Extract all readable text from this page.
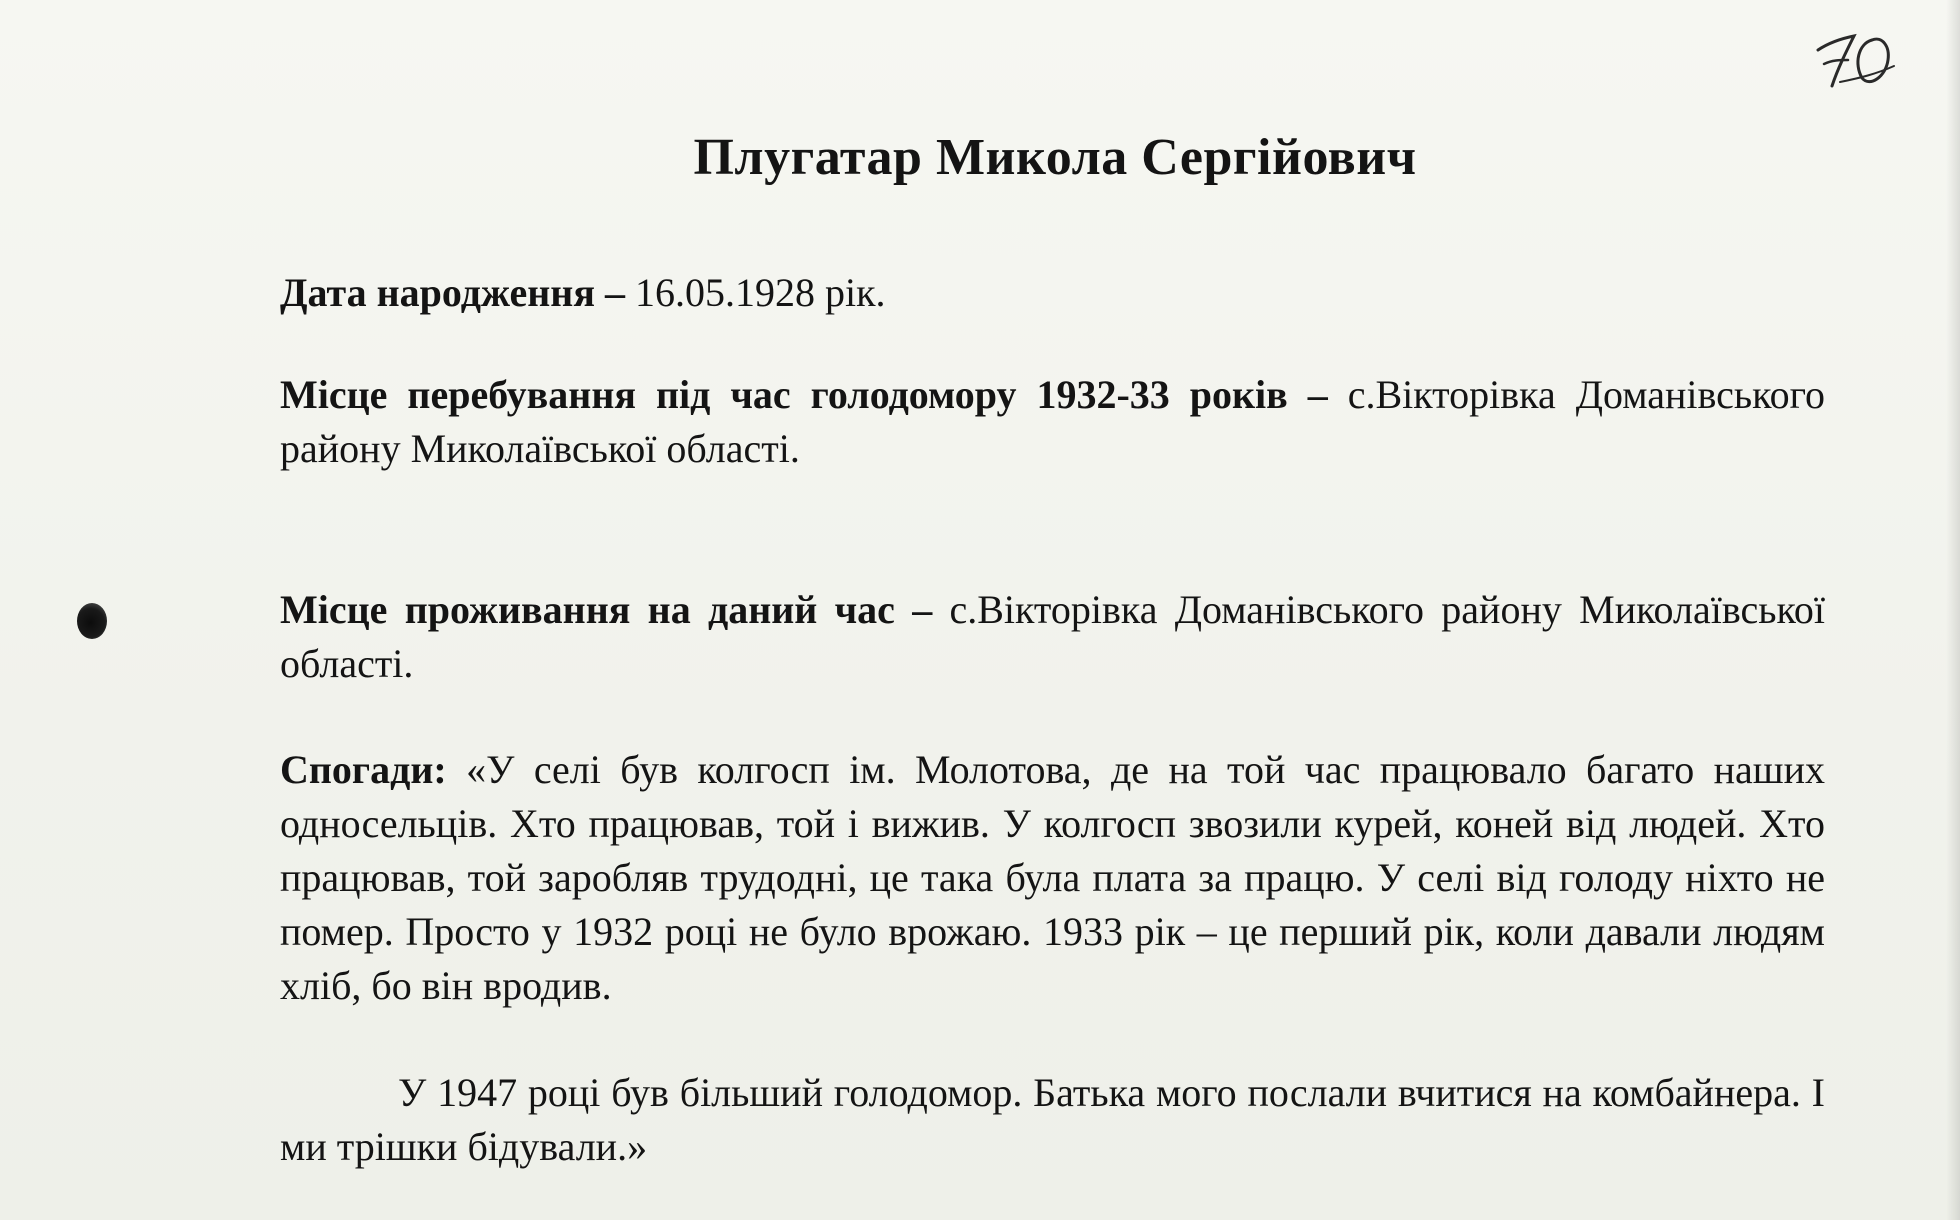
Плугатар Микола Сергійович

Дата народження – 16.05.1928 рік.

Місце перебування під час голодомору 1932-33 років – с.Вікторівка Доманівського району Миколаївської області.

Місце проживання на даний час – с.Вікторівка Доманівського району Миколаївської області.

Спогади: «У селі був колгосп ім. Молотова, де на той час працювало багато наших односельців. Хто працював, той і вижив. У колгосп звозили курей, коней від людей. Хто працював, той заробляв трудодні, це така була плата за працю. У селі від голоду ніхто не помер. Просто у 1932 році не було врожаю. 1933 рік – це перший рік, коли давали людям хліб, бо він вродив.

У 1947 році був більший голодомор. Батька мого послали вчитися на комбайнера. І ми трішки бідували.»
